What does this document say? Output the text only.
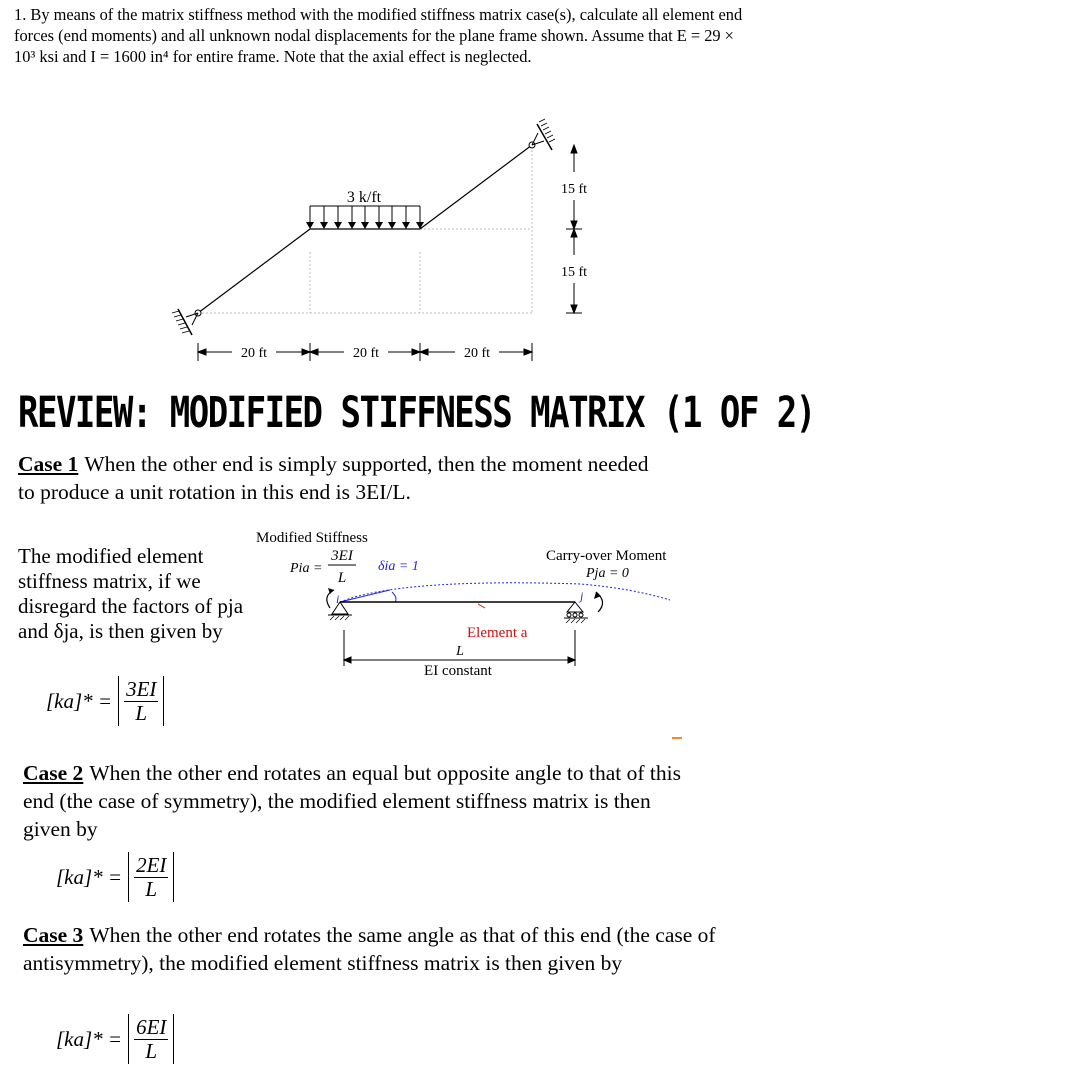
1. By means of the matrix stiffness method with the modified stiffness matrix case(s), calculate all element end forces (end moments) and all unknown nodal displacements for the plane frame shown. Assume that E = 29 × 10³ ksi and I = 1600 in⁴ for entire frame. Note that the axial effect is neglected.
3 k/ft	15 ft
15 ft
20 ft	20 ft	20 ft
REVIEW: MODIFIED STIFFNESS MATRIX (1 OF 2)
Case 1 When the other end is simply supported, then the moment needed to produce a unit rotation in this end is 3EI/L.
The modified element stiffness matrix, if we disregard the factors of pja and δja, is then given by
$[ka]* = \frac{3EI}{L}$
Modified Stiffness
Pia =
3EI
L
δia = 1
Carry-over Moment
Pja = 0
i	j
Element a
L
EI constant
Case 2 When the other end rotates an equal but opposite angle to that of this end (the case of symmetry), the modified element stiffness matrix is then given by
$[ka]* = \frac{2EI}{L}$
Case 3 When the other end rotates the same angle as that of this end (the case of antisymmetry), the modified element stiffness matrix is then given by
$[ka]* = \frac{6EI}{L}$
